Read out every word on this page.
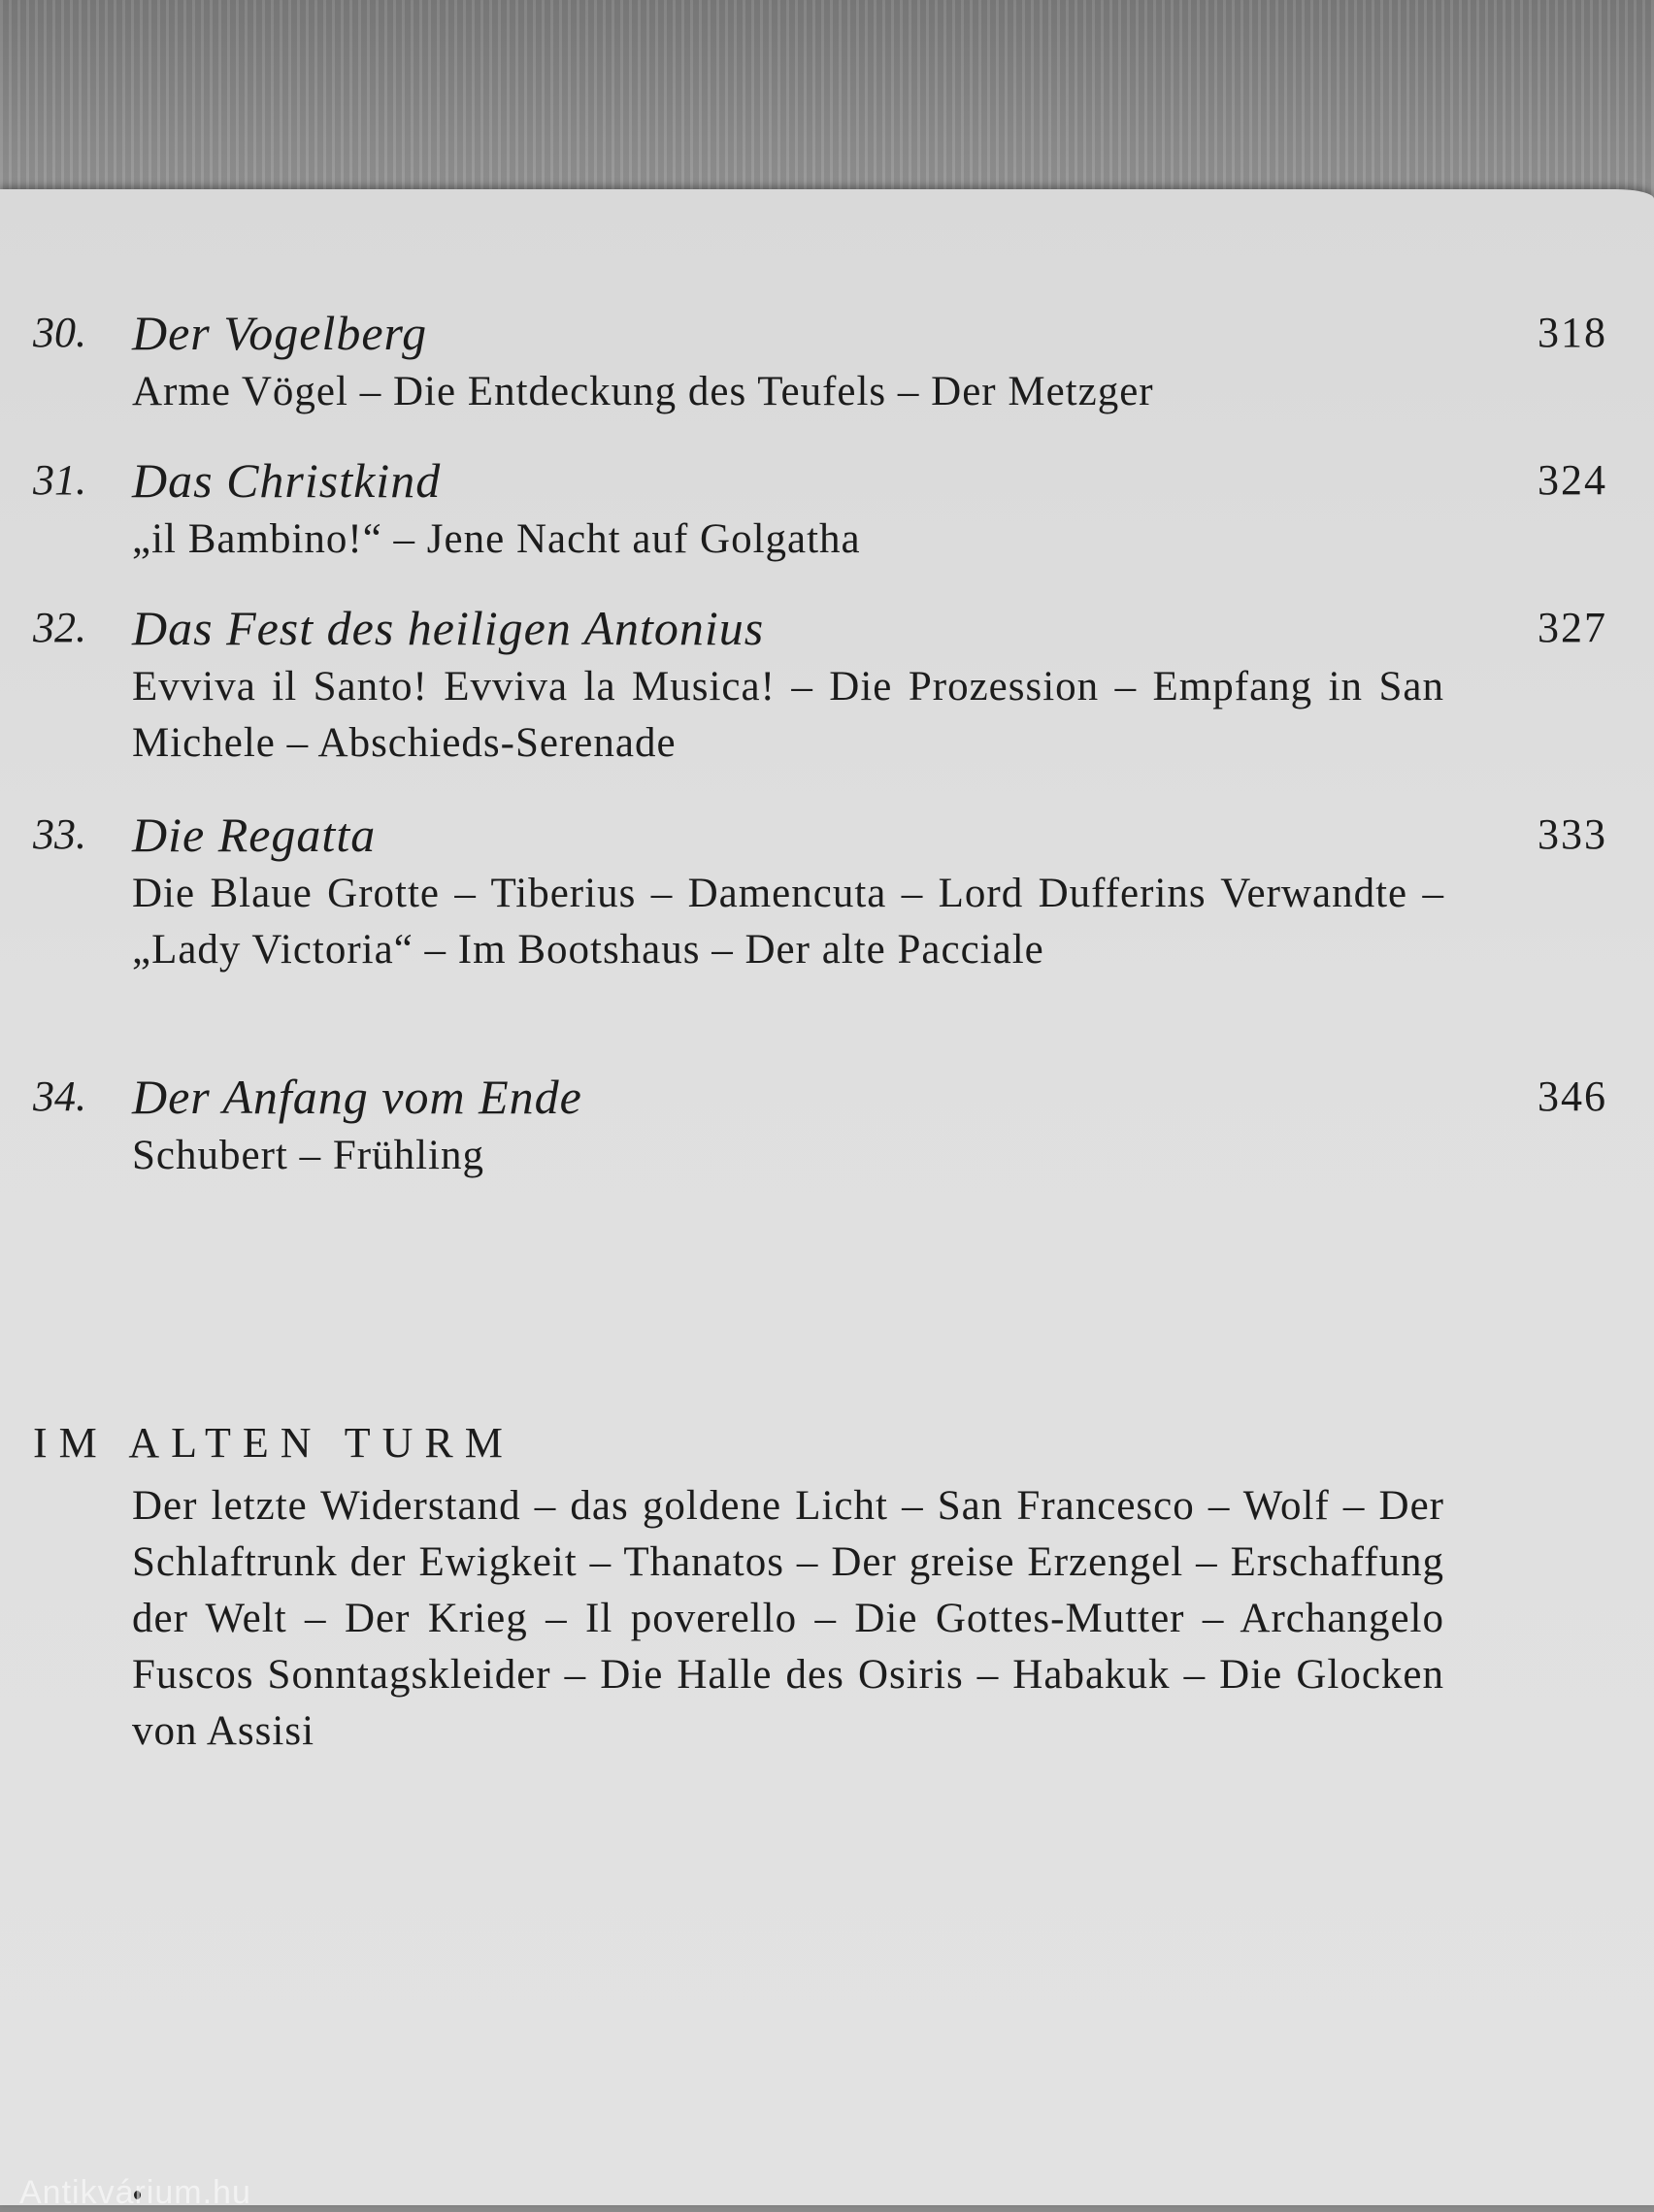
30. Der Vogelberg	318
Arme Vögel – Die Entdeckung des Teufels – Der Metzger
31. Das Christkind	324
„il Bambino!“ – Jene Nacht auf Golgatha
32. Das Fest des heiligen Antonius	327
Evviva il Santo! Evviva la Musica! – Die Prozession – Empfang in San Michele – Abschieds-Serenade
33. Die Regatta	333
Die Blaue Grotte – Tiberius – Damencuta – Lord Dufferins Verwandte – „Lady Victoria“ – Im Bootshaus – Der alte Pacciale
34. Der Anfang vom Ende	346
Schubert – Frühling
IM ALTEN TURM
Der letzte Widerstand – das goldene Licht – San Francesco – Wolf – Der Schlaftrunk der Ewigkeit – Thanatos – Der greise Erzengel – Erschaffung der Welt – Der Krieg – Il poverello – Die Gottes-Mutter – Archangelo Fuscos Sonntagskleider – Die Halle des Osiris – Habakuk – Die Glocken von Assisi
Antikvárium.hu
